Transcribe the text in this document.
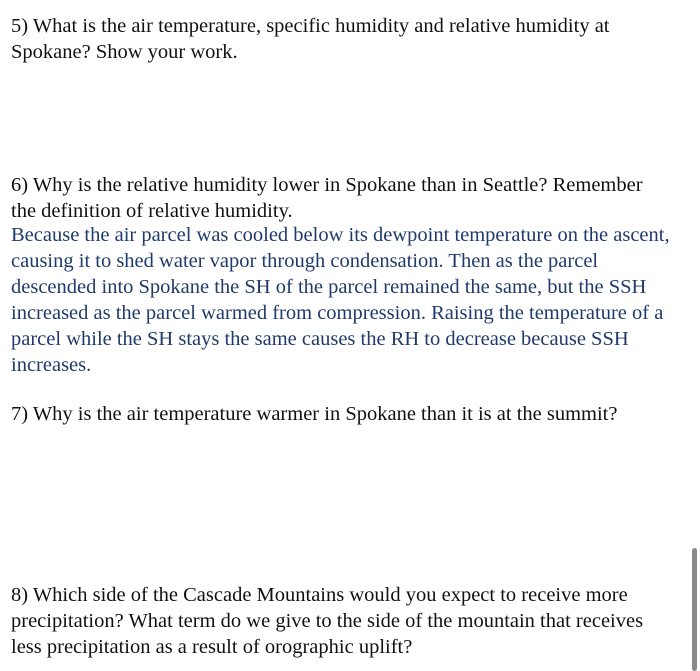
5) What is the air temperature, specific humidity and relative humidity at Spokane? Show your work.

6) Why is the relative humidity lower in Spokane than in Seattle? Remember the definition of relative humidity.

Because the air parcel was cooled below its dewpoint temperature on the ascent, causing it to shed water vapor through condensation. Then as the parcel descended into Spokane the SH of the parcel remained the same, but the SSH increased as the parcel warmed from compression. Raising the temperature of a parcel while the SH stays the same causes the RH to decrease because SSH increases.

7) Why is the air temperature warmer in Spokane than it is at the summit?

8) Which side of the Cascade Mountains would you expect to receive more precipitation? What term do we give to the side of the mountain that receives less precipitation as a result of orographic uplift?
